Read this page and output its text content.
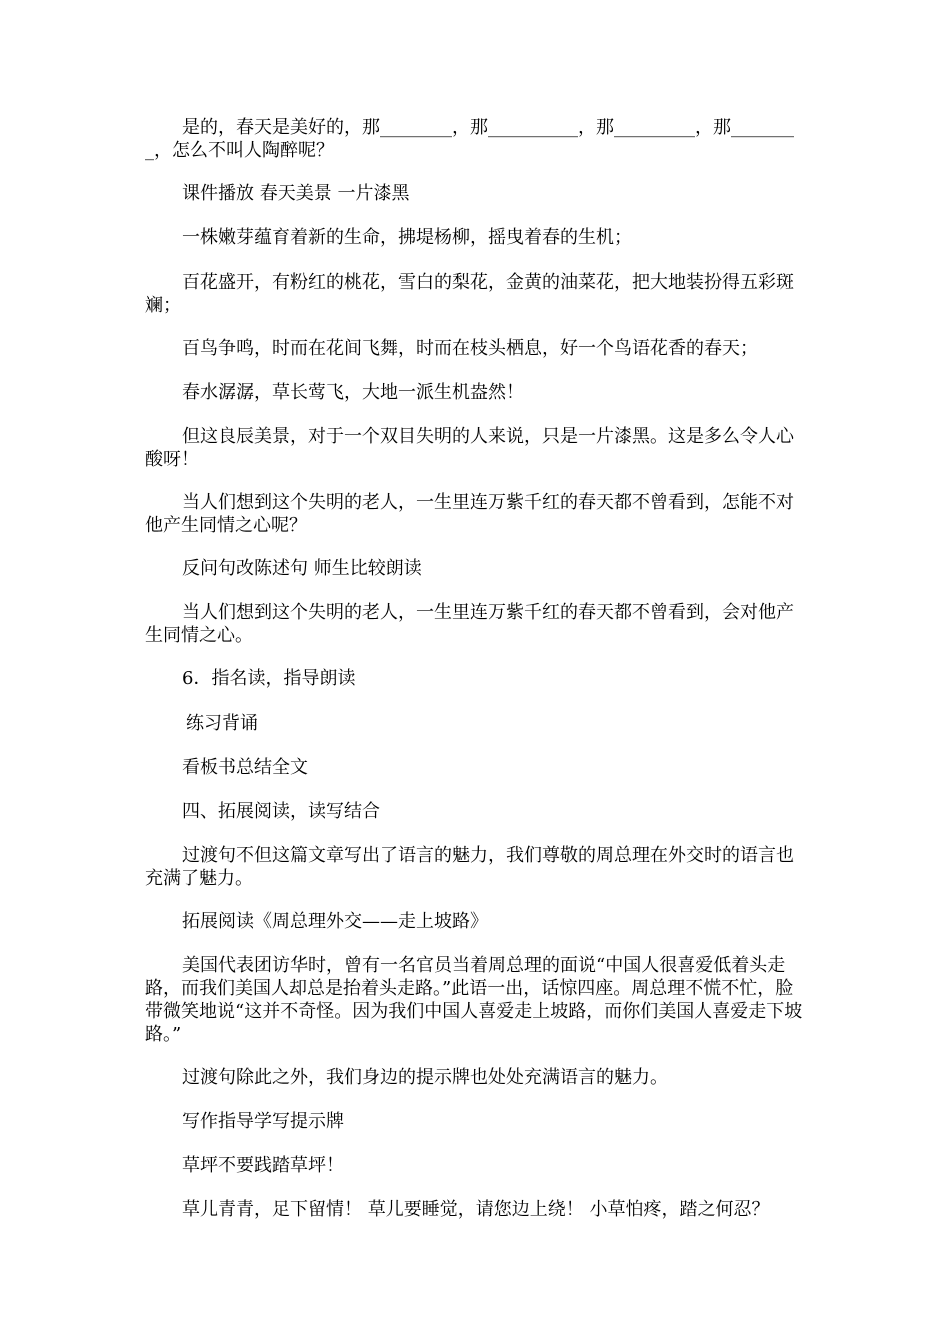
是的，春天是美好的，那________，那__________，那_________，那________，怎么不叫人陶醉呢？

课件播放 春天美景 一片漆黑

一株嫩芽蕴育着新的生命，拂堤杨柳，摇曳着春的生机；

百花盛开，有粉红的桃花，雪白的梨花，金黄的油菜花，把大地装扮得五彩斑斓；

百鸟争鸣，时而在花间飞舞，时而在枝头栖息，好一个鸟语花香的春天；

春水潺潺，草长莺飞，大地一派生机盎然！

但这良辰美景，对于一个双目失明的人来说，只是一片漆黑。这是多么令人心酸呀！

当人们想到这个失明的老人，一生里连万紫千红的春天都不曾看到，怎能不对他产生同情之心呢？

反问句改陈述句 师生比较朗读

当人们想到这个失明的老人，一生里连万紫千红的春天都不曾看到，会对他产生同情之心。

6．指名读，指导朗读

练习背诵

看板书总结全文

四、拓展阅读，读写结合

过渡句不但这篇文章写出了语言的魅力，我们尊敬的周总理在外交时的语言也充满了魅力。

拓展阅读《周总理外交——走上坡路》

美国代表团访华时，曾有一名官员当着周总理的面说“中国人很喜爱低着头走路，而我们美国人却总是抬着头走路。”此语一出，话惊四座。周总理不慌不忙，脸带微笑地说“这并不奇怪。因为我们中国人喜爱走上坡路，而你们美国人喜爱走下坡路。”

过渡句除此之外，我们身边的提示牌也处处充满语言的魅力。

写作指导学写提示牌

草坪不要践踏草坪！

草儿青青，足下留情！ 草儿要睡觉，请您边上绕！ 小草怕疼，踏之何忍？
